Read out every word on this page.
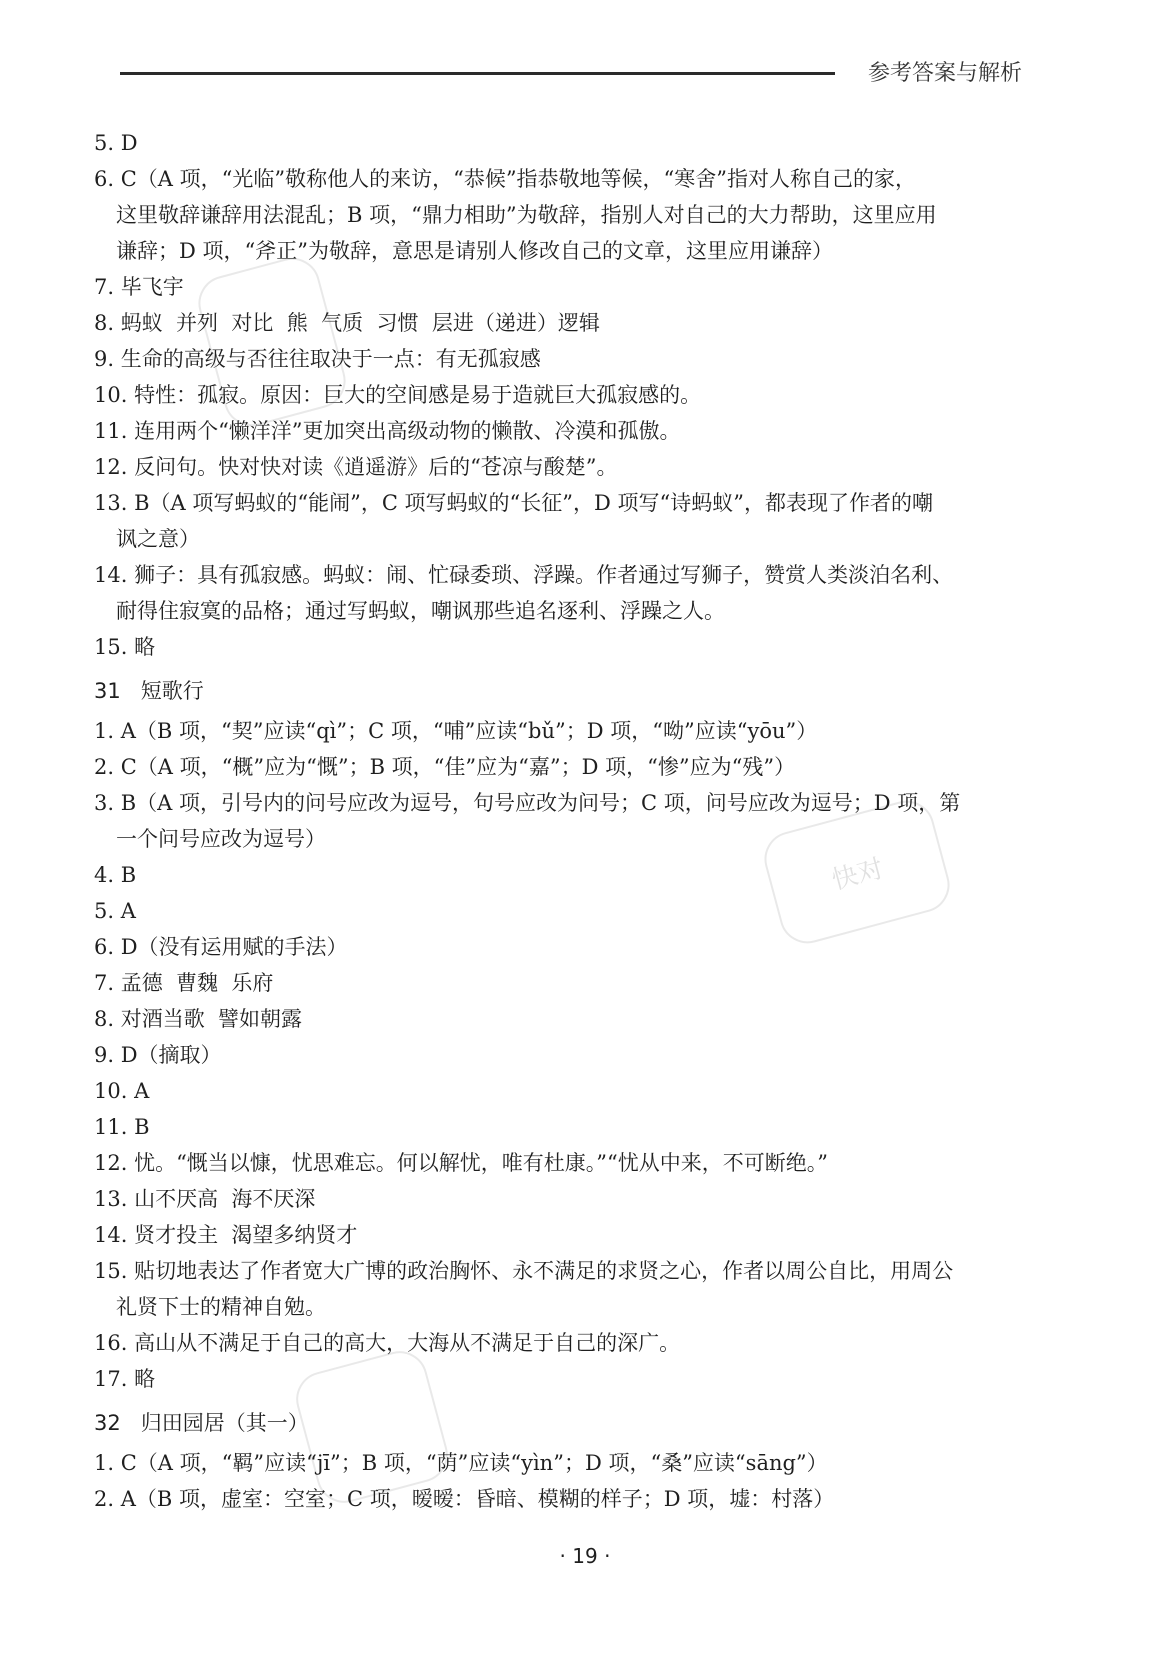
参考答案与解析
快对
5. D
6. C（A 项，“光临”敬称他人的来访，“恭候”指恭敬地等候，“寒舍”指对人称自己的家，
这里敬辞谦辞用法混乱；B 项，“鼎力相助”为敬辞，指别人对自己的大力帮助，这里应用
谦辞；D 项，“斧正”为敬辞，意思是请别人修改自己的文章，这里应用谦辞）
7. 毕飞宇
8. 蚂蚁  并列  对比  熊  气质  习惯  层进（递进）逻辑
9. 生命的高级与否往往取决于一点：有无孤寂感
10. 特性：孤寂。原因：巨大的空间感是易于造就巨大孤寂感的。
11. 连用两个“懒洋洋”更加突出高级动物的懒散、冷漠和孤傲。
12. 反问句。快对快对读《逍遥游》后的“苍凉与酸楚”。
13. B（A 项写蚂蚁的“能闹”，C 项写蚂蚁的“长征”，D 项写“诗蚂蚁”，都表现了作者的嘲
讽之意）
14. 狮子：具有孤寂感。蚂蚁：闹、忙碌委琐、浮躁。作者通过写狮子，赞赏人类淡泊名利、
耐得住寂寞的品格；通过写蚂蚁，嘲讽那些追名逐利、浮躁之人。
15. 略
31 短歌行
1. A（B 项，“契”应读“qì”；C 项，“哺”应读“bǔ”；D 项，“呦”应读“yōu”）
2. C（A 项，“概”应为“慨”；B 项，“佳”应为“嘉”；D 项，“惨”应为“残”）
3. B（A 项，引号内的问号应改为逗号，句号应改为问号；C 项，问号应改为逗号；D 项，第
一个问号应改为逗号）
4. B
5. A
6. D（没有运用赋的手法）
7. 孟德  曹魏  乐府
8. 对酒当歌  譬如朝露
9. D（摘取）
10. A
11. B
12. 忧。“慨当以慷，忧思难忘。何以解忧，唯有杜康。”“忧从中来，不可断绝。”
13. 山不厌高  海不厌深
14. 贤才投主  渴望多纳贤才
15. 贴切地表达了作者宽大广博的政治胸怀、永不满足的求贤之心，作者以周公自比，用周公
礼贤下士的精神自勉。
16. 高山从不满足于自己的高大，大海从不满足于自己的深广。
17. 略
32 归田园居（其一）
1. C（A 项，“羁”应读“jī”；B 项，“荫”应读“yìn”；D 项，“桑”应读“sāng”）
2. A（B 项，虚室：空室；C 项，暧暧：昏暗、模糊的样子；D 项，墟：村落）
· 19 ·
